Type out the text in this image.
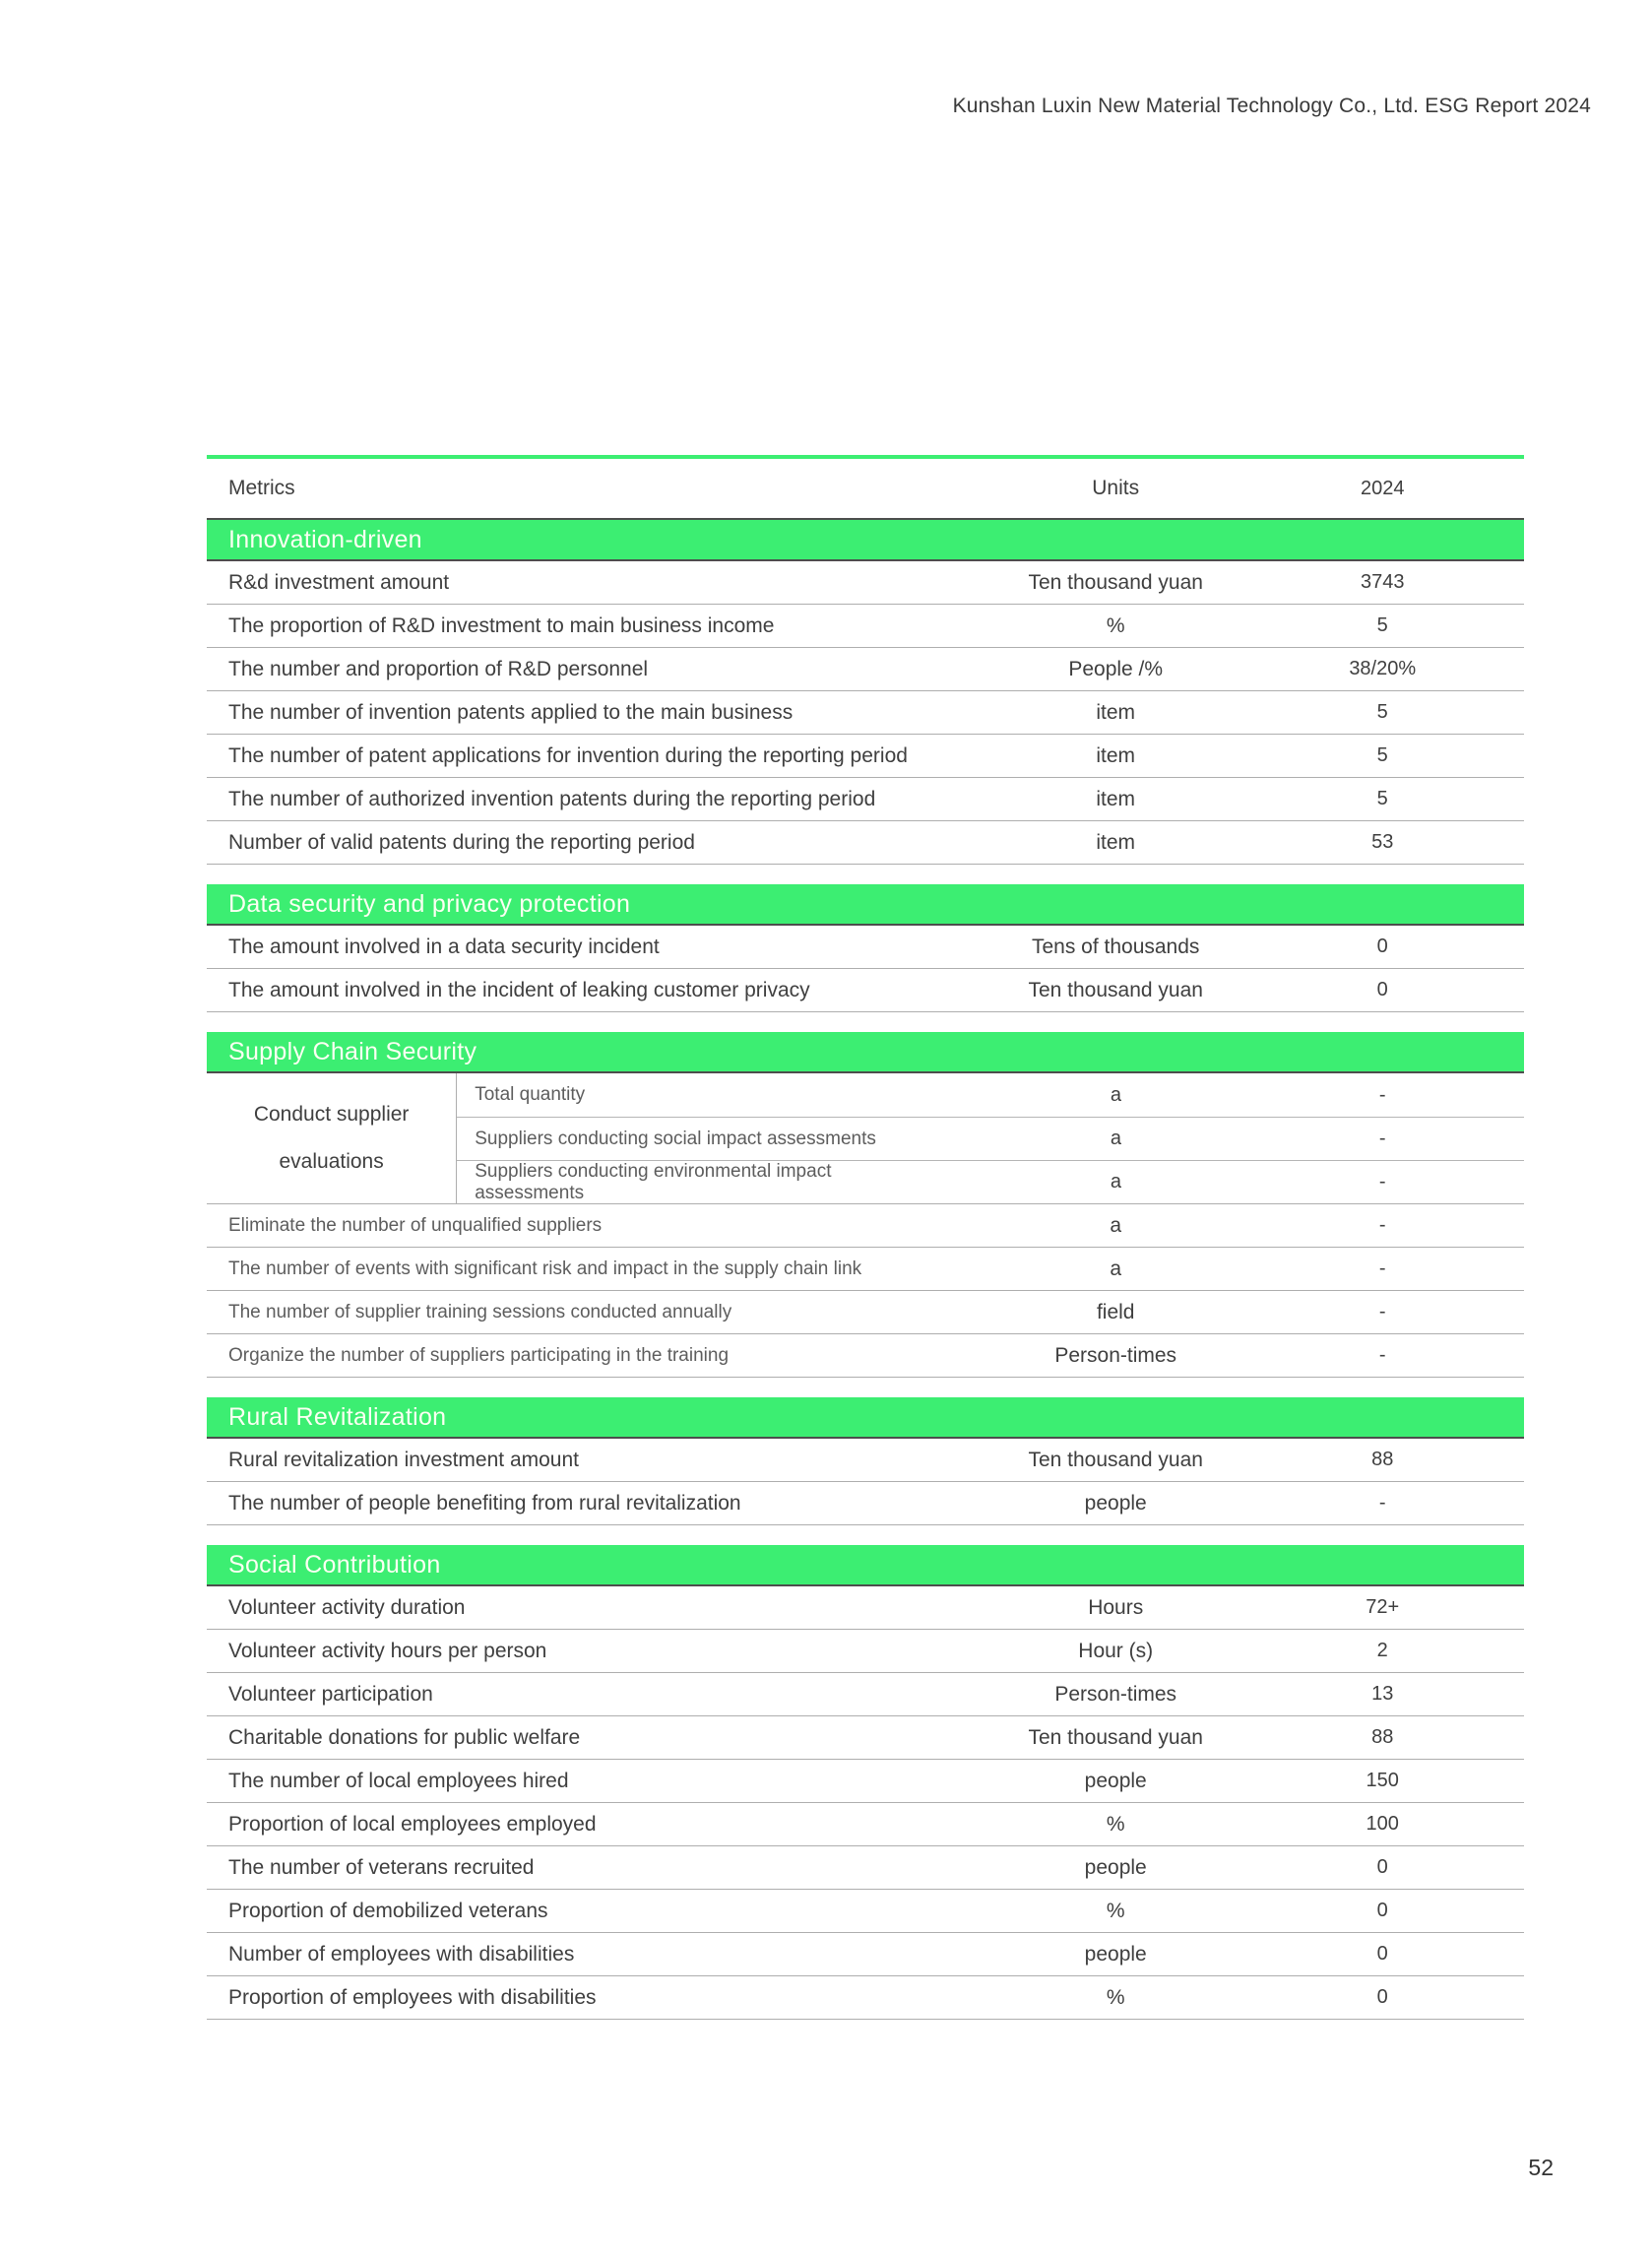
Kunshan Luxin New Material Technology Co., Ltd. ESG Report 2024
Metrics	Units	2024
Innovation-driven
R&d investment amount	Ten thousand yuan	3743
The proportion of R&D investment to main business income	%	5
The number and proportion of R&D personnel	People /%	38/20%
The number of invention patents applied to the main business	item	5
The number of patent applications for invention during the reporting period	item	5
The number of authorized invention patents during the reporting period	item	5
Number of valid patents during the reporting period	item	53
Data security and privacy protection
The amount involved in a data security incident	Tens of thousands	0
The amount involved in the incident of leaking customer privacy	Ten thousand yuan	0
Supply Chain Security
Conduct supplier evaluations
Total quantity	a	-
Suppliers conducting social impact assessments	a	-
Suppliers conducting environmental impact assessments	a	-
Eliminate the number of unqualified suppliers	a	-
The number of events with significant risk and impact in the supply chain link	a	-
The number of supplier training sessions conducted annually	field	-
Organize the number of suppliers participating in the training	Person-times	-
Rural Revitalization
Rural revitalization investment amount	Ten thousand yuan	88
The number of people benefiting from rural revitalization	people	-
Social Contribution
Volunteer activity duration	Hours	72+
Volunteer activity hours per person	Hour (s)	2
Volunteer participation	Person-times	13
Charitable donations for public welfare	Ten thousand yuan	88
The number of local employees hired	people	150
Proportion of local employees employed	%	100
The number of veterans recruited	people	0
Proportion of demobilized veterans	%	0
Number of employees with disabilities	people	0
Proportion of employees with disabilities	%	0
52
